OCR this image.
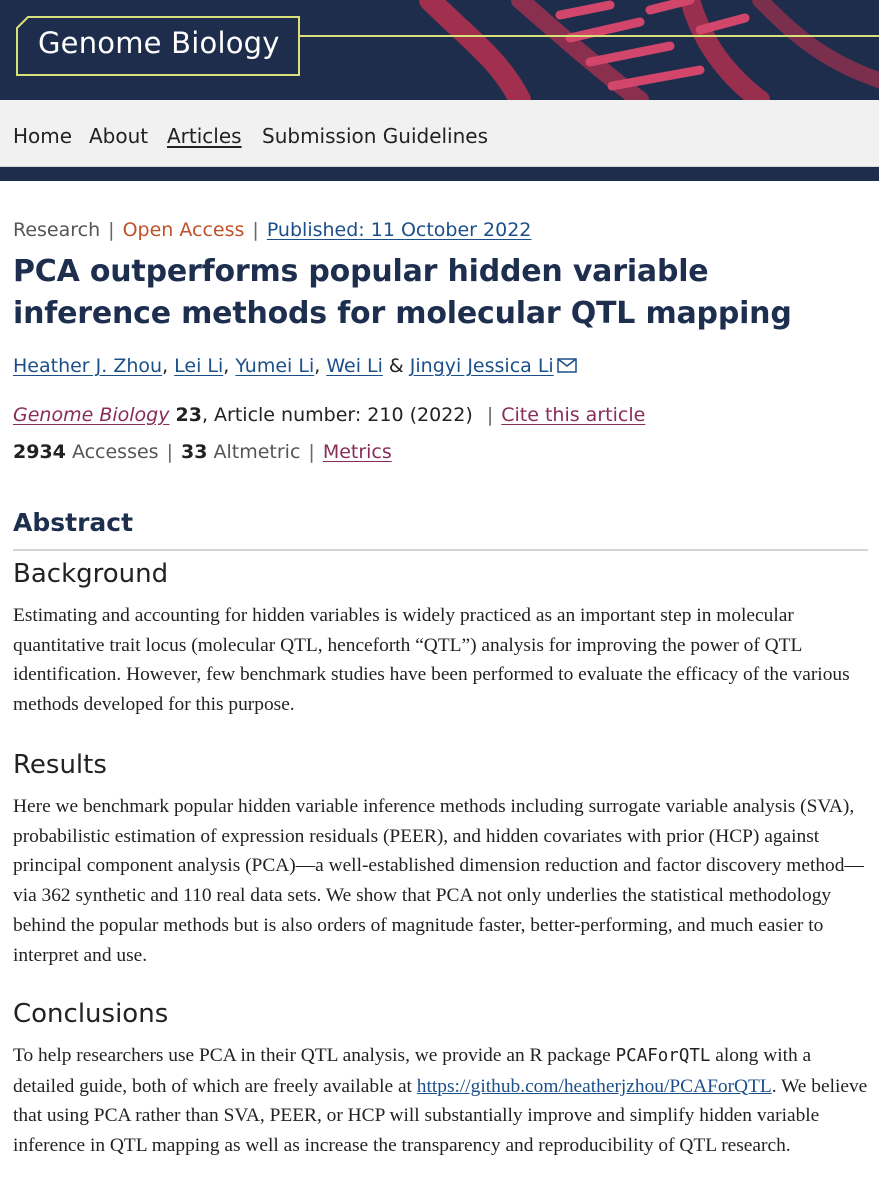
Genome Biology
Home About Articles Submission Guidelines
Research | Open Access | Published: 11 October 2022
PCA outperforms popular hidden variable inference methods for molecular QTL mapping
Heather J. Zhou, Lei Li, Yumei Li, Wei Li & Jingyi Jessica Li
Genome Biology 23, Article number: 210 (2022) | Cite this article
2934 Accesses | 33 Altmetric | Metrics
Abstract
Background

Estimating and accounting for hidden variables is widely practiced as an important step in molecular quantitative trait locus (molecular QTL, henceforth “QTL”) analysis for improving the power of QTL identification. However, few benchmark studies have been performed to evaluate the efficacy of the various methods developed for this purpose.

Results

Here we benchmark popular hidden variable inference methods including surrogate variable analysis (SVA), probabilistic estimation of expression residuals (PEER), and hidden covariates with prior (HCP) against principal component analysis (PCA)—a well-established dimension reduction and factor discovery method—via 362 synthetic and 110 real data sets. We show that PCA not only underlies the statistical methodology behind the popular methods but is also orders of magnitude faster, better-performing, and much easier to interpret and use.

Conclusions

To help researchers use PCA in their QTL analysis, we provide an R package PCAForQTL along with a detailed guide, both of which are freely available at https://github.com/heatherjzhou/PCAForQTL. We believe that using PCA rather than SVA, PEER, or HCP will substantially improve and simplify hidden variable inference in QTL mapping as well as increase the transparency and reproducibility of QTL research.
